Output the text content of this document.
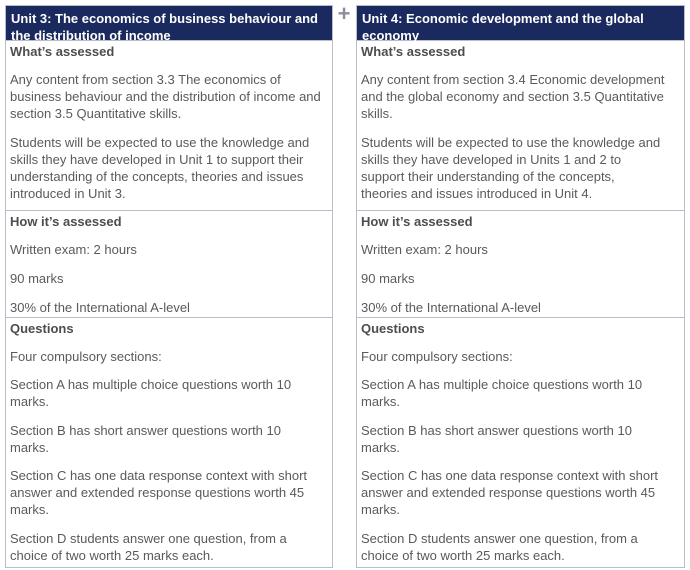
Unit 3: The economics of business behaviour and the distribution of income
What’s assessed
Any content from section 3.3 The economics of business behaviour and the distribution of income and section 3.5 Quantitative skills.
Students will be expected to use the knowledge and skills they have developed in Unit 1 to support their understanding of the concepts, theories and issues introduced in Unit 3.
How it’s assessed
Written exam: 2 hours
90 marks
30% of the International A-level
Questions
Four compulsory sections:
Section A has multiple choice questions worth 10 marks.
Section B has short answer questions worth 10 marks.
Section C has one data response context with short answer and extended response questions worth 45 marks.
Section D students answer one question, from a choice of two worth 25 marks each.
+ Unit 4: Economic development and the global economy
What’s assessed
Any content from section 3.4 Economic development and the global economy and section 3.5 Quantitative skills.
Students will be expected to use the knowledge and skills they have developed in Units 1 and 2 to support their understanding of the concepts, theories and issues introduced in Unit 4.
How it’s assessed
Written exam: 2 hours
90 marks
30% of the International A-level
Questions
Four compulsory sections:
Section A has multiple choice questions worth 10 marks.
Section B has short answer questions worth 10 marks.
Section C has one data response context with short answer and extended response questions worth 45 marks.
Section D students answer one question, from a choice of two worth 25 marks each.
